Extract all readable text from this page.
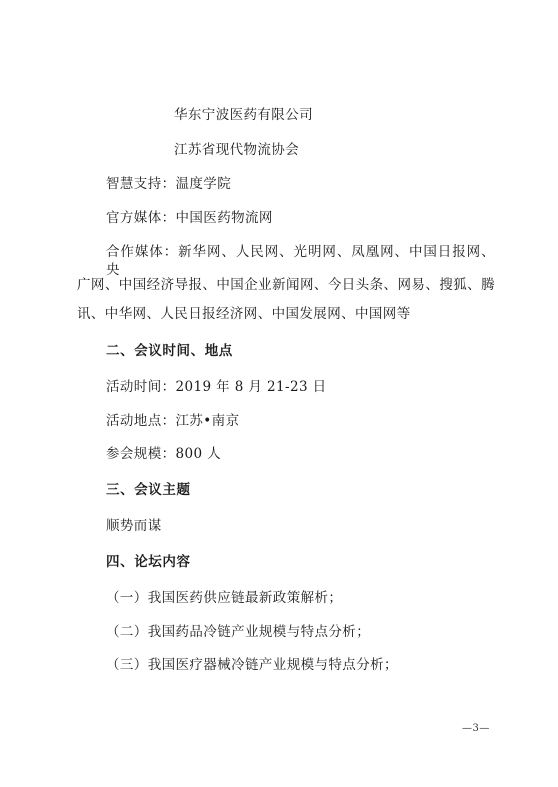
华东宁波医药有限公司
江苏省现代物流协会
智慧支持：温度学院
官方媒体：中国医药物流网
合作媒体：新华网、人民网、光明网、凤凰网、中国日报网、央
广网、中国经济导报、中国企业新闻网、今日头条、网易、搜狐、腾
讯、中华网、人民日报经济网、中国发展网、中国网等
二、会议时间、地点
活动时间：2019 年 8 月 21-23 日
活动地点：江苏•南京
参会规模：800 人
三、会议主题
顺势而谋
四、论坛内容
（一）我国医药供应链最新政策解析；
（二）我国药品冷链产业规模与特点分析；
（三）我国医疗器械冷链产业规模与特点分析；
—3—
